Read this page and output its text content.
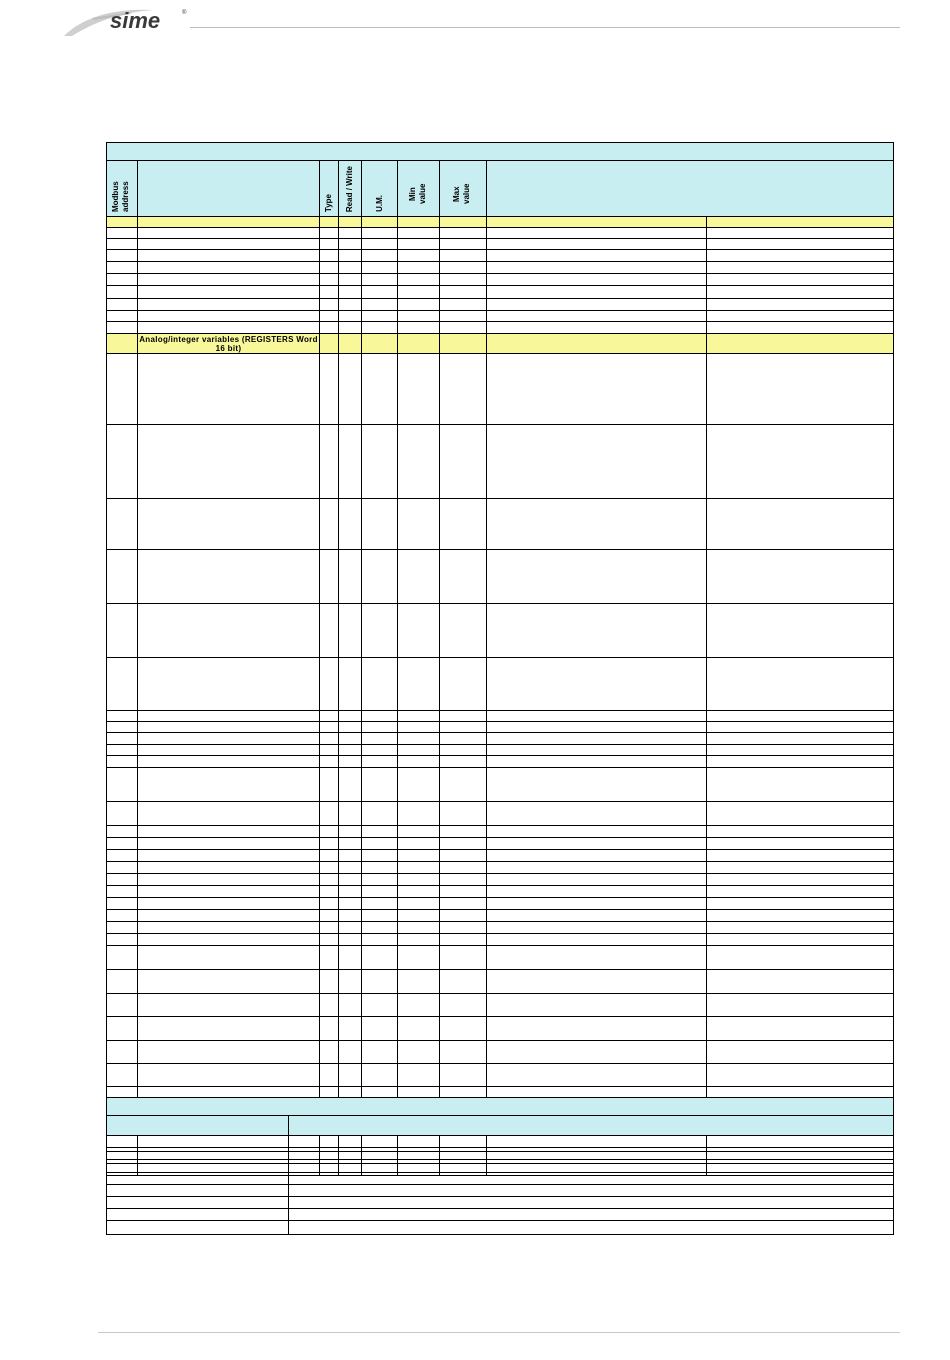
sime	®

Modbus address		Type	Read / Write	U.M.	Min value	Max value		

	Analog/integer variables (REGISTERS Word 16 bit)							
